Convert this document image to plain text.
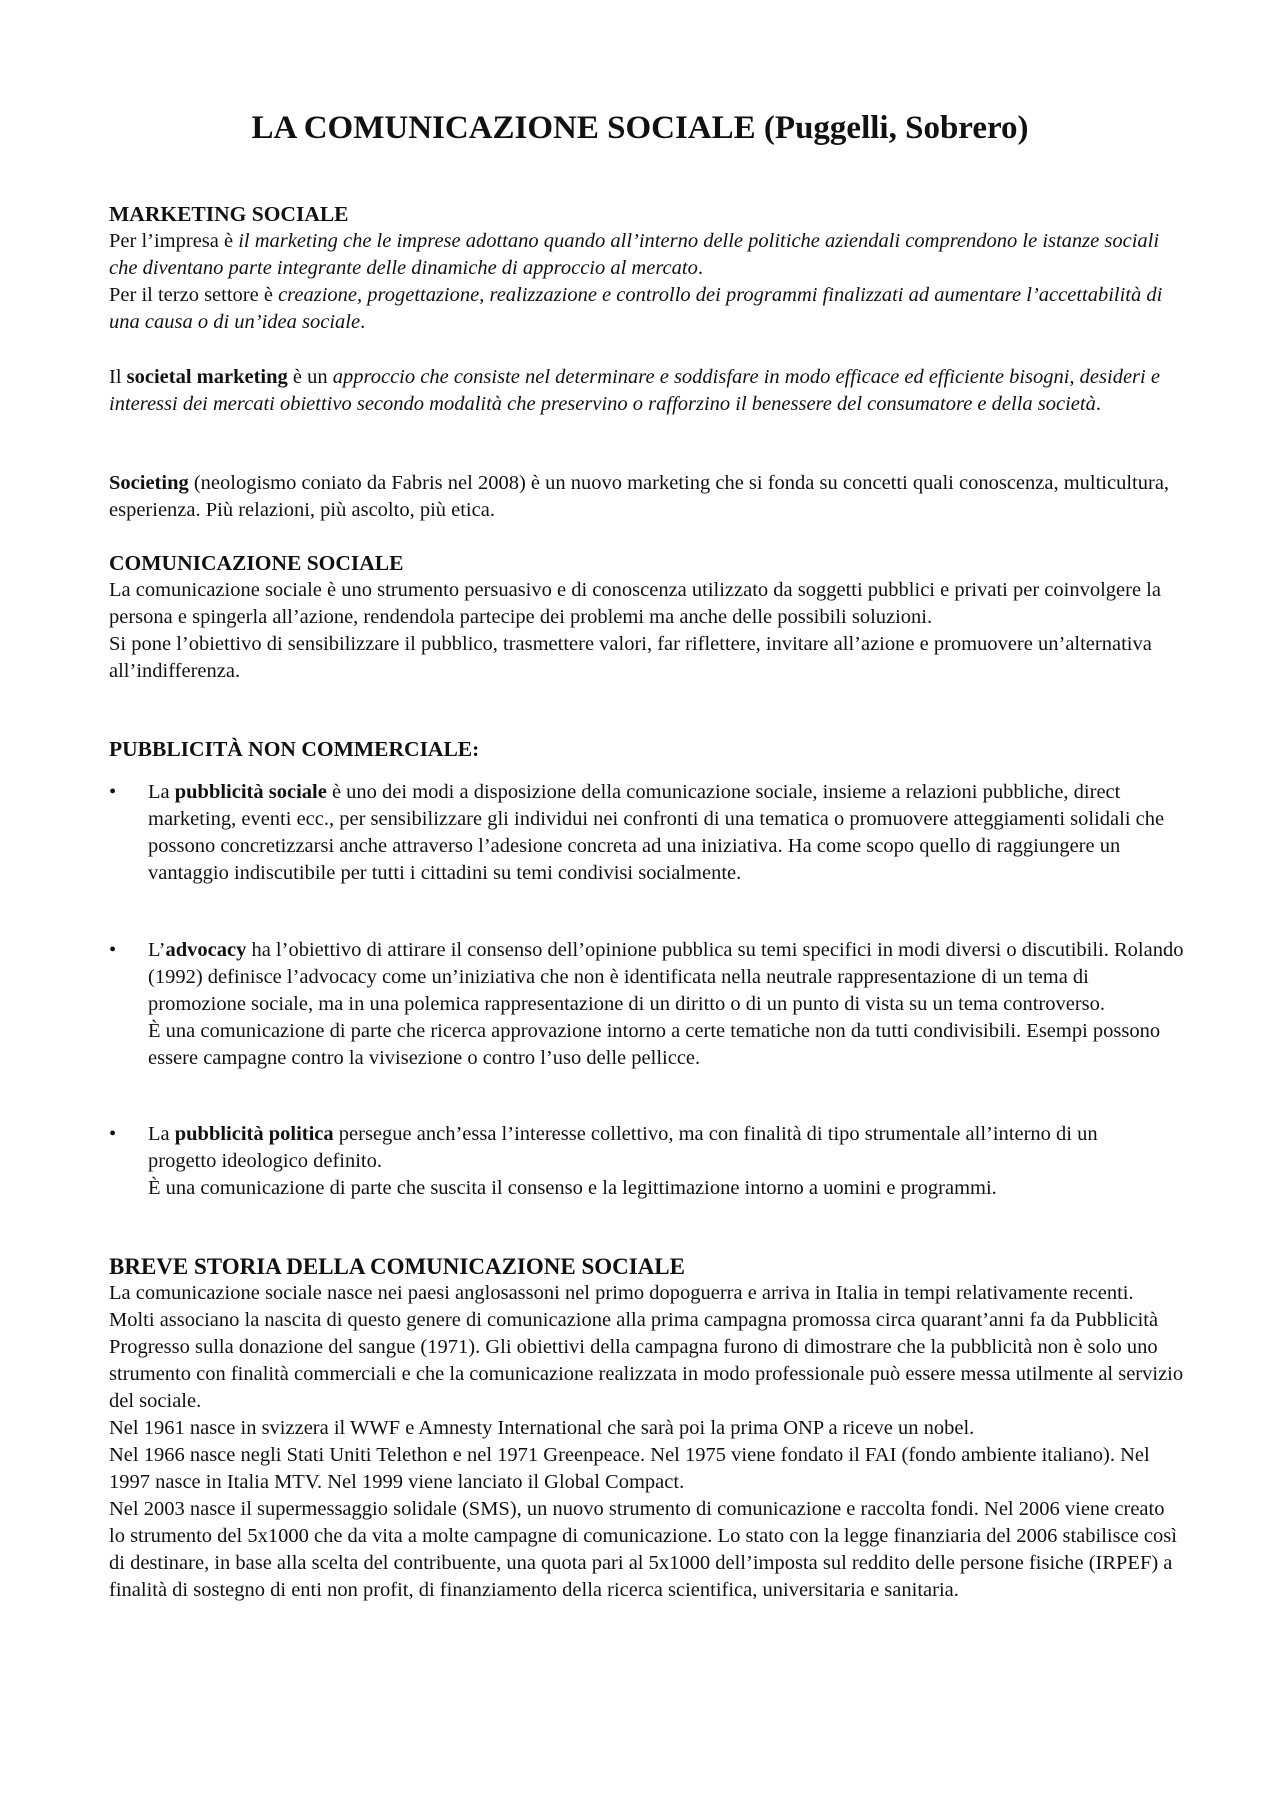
LA COMUNICAZIONE SOCIALE (Puggelli, Sobrero)
MARKETING SOCIALE

Per l’impresa è il marketing che le imprese adottano quando all’interno delle politiche aziendali comprendono le istanze sociali che diventano parte integrante delle dinamiche di approccio al mercato.

Per il terzo settore è creazione, progettazione, realizzazione e controllo dei programmi finalizzati ad aumentare l’accettabilità di una causa o di un’idea sociale.

Il societal marketing è un approccio che consiste nel determinare e soddisfare in modo efficace ed efficiente bisogni, desideri e interessi dei mercati obiettivo secondo modalità che preservino o rafforzino il benessere del consumatore e della società.

Societing (neologismo coniato da Fabris nel 2008) è un nuovo marketing che si fonda su concetti quali conoscenza, multicultura, esperienza. Più relazioni, più ascolto, più etica.

COMUNICAZIONE SOCIALE

La comunicazione sociale è uno strumento persuasivo e di conoscenza utilizzato da soggetti pubblici e privati per coinvolgere la persona e spingerla all’azione, rendendola partecipe dei problemi ma anche delle possibili soluzioni.

Si pone l’obiettivo di sensibilizzare il pubblico, trasmettere valori, far riflettere, invitare all’azione e promuovere un’alternativa all’indifferenza.

PUBBLICITÀ NON COMMERCIALE:
•	La pubblicità sociale è uno dei modi a disposizione della comunicazione sociale, insieme a relazioni pubbliche, direct marketing, eventi ecc., per sensibilizzare gli individui nei confronti di una tematica o promuovere atteggiamenti solidali che possono concretizzarsi anche attraverso l’adesione concreta ad una iniziativa. Ha come scopo quello di raggiungere un vantaggio indiscutibile per tutti i cittadini su temi condivisi socialmente.

•	L’advocacy ha l’obiettivo di attirare il consenso dell’opinione pubblica su temi specifici in modi diversi o discutibili. Rolando (1992) definisce l’advocacy come un’iniziativa che non è identificata nella neutrale rappresentazione di un tema di promozione sociale, ma in una polemica rappresentazione di un diritto o di un punto di vista su un tema controverso.

È una comunicazione di parte che ricerca approvazione intorno a certe tematiche non da tutti condivisibili. Esempi possono essere campagne contro la vivisezione o contro l’uso delle pellicce.

•	La pubblicità politica persegue anch’essa l’interesse collettivo, ma con finalità di tipo strumentale all’interno di un progetto ideologico definito.

È una comunicazione di parte che suscita il consenso e la legittimazione intorno a uomini e programmi.

BREVE STORIA DELLA COMUNICAZIONE SOCIALE

La comunicazione sociale nasce nei paesi anglosassoni nel primo dopoguerra e arriva in Italia in tempi relativamente recenti.

Molti associano la nascita di questo genere di comunicazione alla prima campagna promossa circa quarant’anni fa da Pubblicità Progresso sulla donazione del sangue (1971). Gli obiettivi della campagna furono di dimostrare che la pubblicità non è solo uno strumento con finalità commerciali e che la comunicazione realizzata in modo professionale può essere messa utilmente al servizio del sociale.

Nel 1961 nasce in svizzera il WWF e Amnesty International che sarà poi la prima ONP a riceve un nobel.

Nel 1966 nasce negli Stati Uniti Telethon e nel 1971 Greenpeace. Nel 1975 viene fondato il FAI (fondo ambiente italiano). Nel 1997 nasce in Italia MTV. Nel 1999 viene lanciato il Global Compact.

Nel 2003 nasce il supermessaggio solidale (SMS), un nuovo strumento di comunicazione e raccolta fondi. Nel 2006 viene creato lo strumento del 5x1000 che da vita a molte campagne di comunicazione. Lo stato con la legge finanziaria del 2006 stabilisce così di destinare, in base alla scelta del contribuente, una quota pari al 5x1000 dell’imposta sul reddito delle persone fisiche (IRPEF) a finalità di sostegno di enti non profit, di finanziamento della ricerca scientifica, universitaria e sanitaria.
